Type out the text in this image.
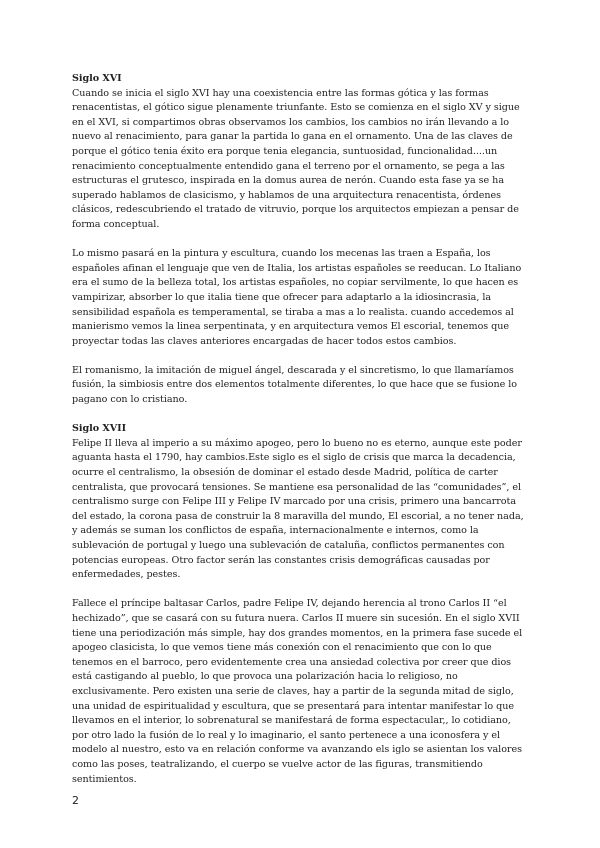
Siglo XVI

Cuando se inicia el siglo XVI hay una coexistencia entre las formas gótica y las formas renacentistas, el gótico sigue plenamente triunfante. Esto se comienza en el siglo XV y sigue en el XVI, si compartimos obras observamos los cambios, los cambios no irán llevando a lo nuevo al renacimiento, para ganar la partida lo gana en el ornamento. Una de las claves de porque el gótico tenia éxito era porque tenia elegancia, suntuosidad, funcionalidad....un renacimiento conceptualmente entendido gana el terreno por el ornamento, se pega a las estructuras el grutesco, inspirada en la domus aurea de nerón. Cuando esta fase ya se ha superado hablamos de clasicismo, y hablamos de una arquitectura renacentista, órdenes clásicos, redescubriendo el tratado de vitruvio, porque los arquitectos empiezan a pensar de forma conceptual.

Lo mismo pasará en la pintura y escultura, cuando los mecenas las traen a España, los españoles afinan el lenguaje que ven de Italia, los artistas españoles se reeducan. Lo Italiano era el sumo de la belleza total, los artistas españoles, no copiar servilmente, lo que hacen es vampirizar, absorber lo que italia tiene que ofrecer para adaptarlo a la idiosincrasia, la sensibilidad española es temperamental, se tiraba a mas a lo realista. cuando accedemos al manierismo vemos la linea serpentinata, y en arquitectura vemos El escorial, tenemos que proyectar todas las claves anteriores encargadas de hacer todos estos cambios.

El romanismo, la imitación de miguel ángel, descarada y el sincretismo, lo que llamaríamos fusión, la simbiosis entre dos elementos totalmente diferentes, lo que hace que se fusione lo pagano con lo cristiano.

Siglo XVII

Felipe II lleva al imperio a su máximo apogeo, pero lo bueno no es eterno, aunque este poder aguanta hasta el 1790, hay cambios.Este siglo es el siglo de crisis que marca la decadencia, ocurre el centralismo, la obsesión de dominar el estado desde Madrid, política de carter centralista, que provocará tensiones. Se mantiene esa personalidad de las “comunidades”, el centralismo surge con Felipe III y Felipe IV marcado por una crisis, primero una bancarrota del estado, la corona pasa de construir la 8 maravilla del mundo, El escorial, a no tener nada, y además se suman los conflictos de españa, internacionalmente e internos, como la sublevación de portugal y luego una sublevación de cataluña, conflictos permanentes con potencias europeas. Otro factor serán las constantes crisis demográficas causadas por enfermedades, pestes.

Fallece el príncipe baltasar Carlos, padre Felipe IV, dejando herencia al trono Carlos II “el hechizado”, que se casará con su futura nuera. Carlos II muere sin sucesión. En el siglo XVII tiene una periodización más simple, hay dos grandes momentos, en la primera fase sucede el apogeo clasicista, lo que vemos tiene más conexión con el renacimiento que con lo que tenemos en el barroco, pero evidentemente crea una ansiedad colectiva por creer que dios está castigando al pueblo, lo que provoca una polarización hacia lo religioso, no exclusivamente. Pero existen una serie de claves, hay a partir de la segunda mitad de siglo, una unidad de espiritualidad y escultura, que se presentará para intentar manifestar lo que llevamos en el interior, lo sobrenatural se manifestará de forma espectacular,, lo cotidiano, por otro lado la fusión de lo real y lo imaginario, el santo pertenece a una iconosfera y el modelo al nuestro, esto va en relación conforme va avanzando els iglo se asientan los valores como las poses, teatralizando, el cuerpo se vuelve actor de las figuras, transmitiendo sentimientos.

2
